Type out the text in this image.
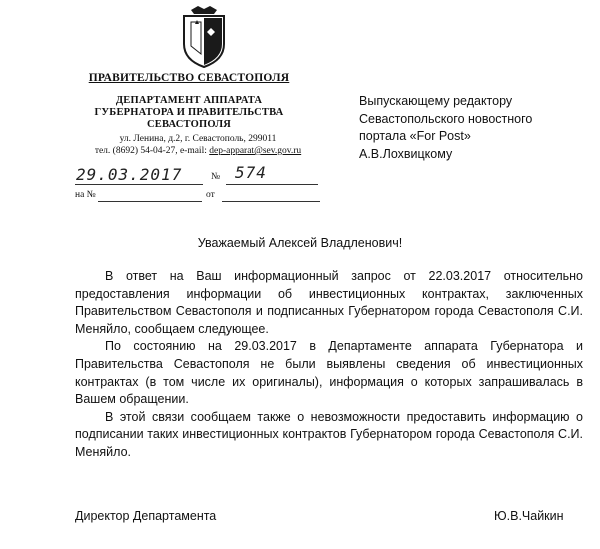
ПРАВИТЕЛЬСТВО СЕВАСТОПОЛЯ
ДЕПАРТАМЕНТ АППАРАТА
ГУБЕРНАТОРА И ПРАВИТЕЛЬСТВА
СЕВАСТОПОЛЯ
ул. Ленина, д.2, г. Севастополь, 299011
тел. (8692) 54-04-27, e-mail: dep-apparat@sev.gov.ru
29.03.2017	№ 574
на №	от
Выпускающему редактору
Севастопольского новостного
портала «For Post»
А.В.Лохвицкому
Уважаемый Алексей Владленович!

В ответ на Ваш информационный запрос от 22.03.2017 относительно предоставления информации об инвестиционных контрактах, заключенных Правительством Севастополя и подписанных Губернатором города Севастополя С.И. Меняйло, сообщаем следующее.

По состоянию на 29.03.2017 в Департаменте аппарата Губернатора и Правительства Севастополя не были выявлены сведения об инвестиционных контрактах (в том числе их оригиналы), информация о которых запрашивалась в Вашем обращении.

В этой связи сообщаем также о невозможности предоставить информацию о подписании таких инвестиционных контрактов Губернатором города Севастополя С.И. Меняйло.

Директор Департамента	Ю.В.Чайкин
